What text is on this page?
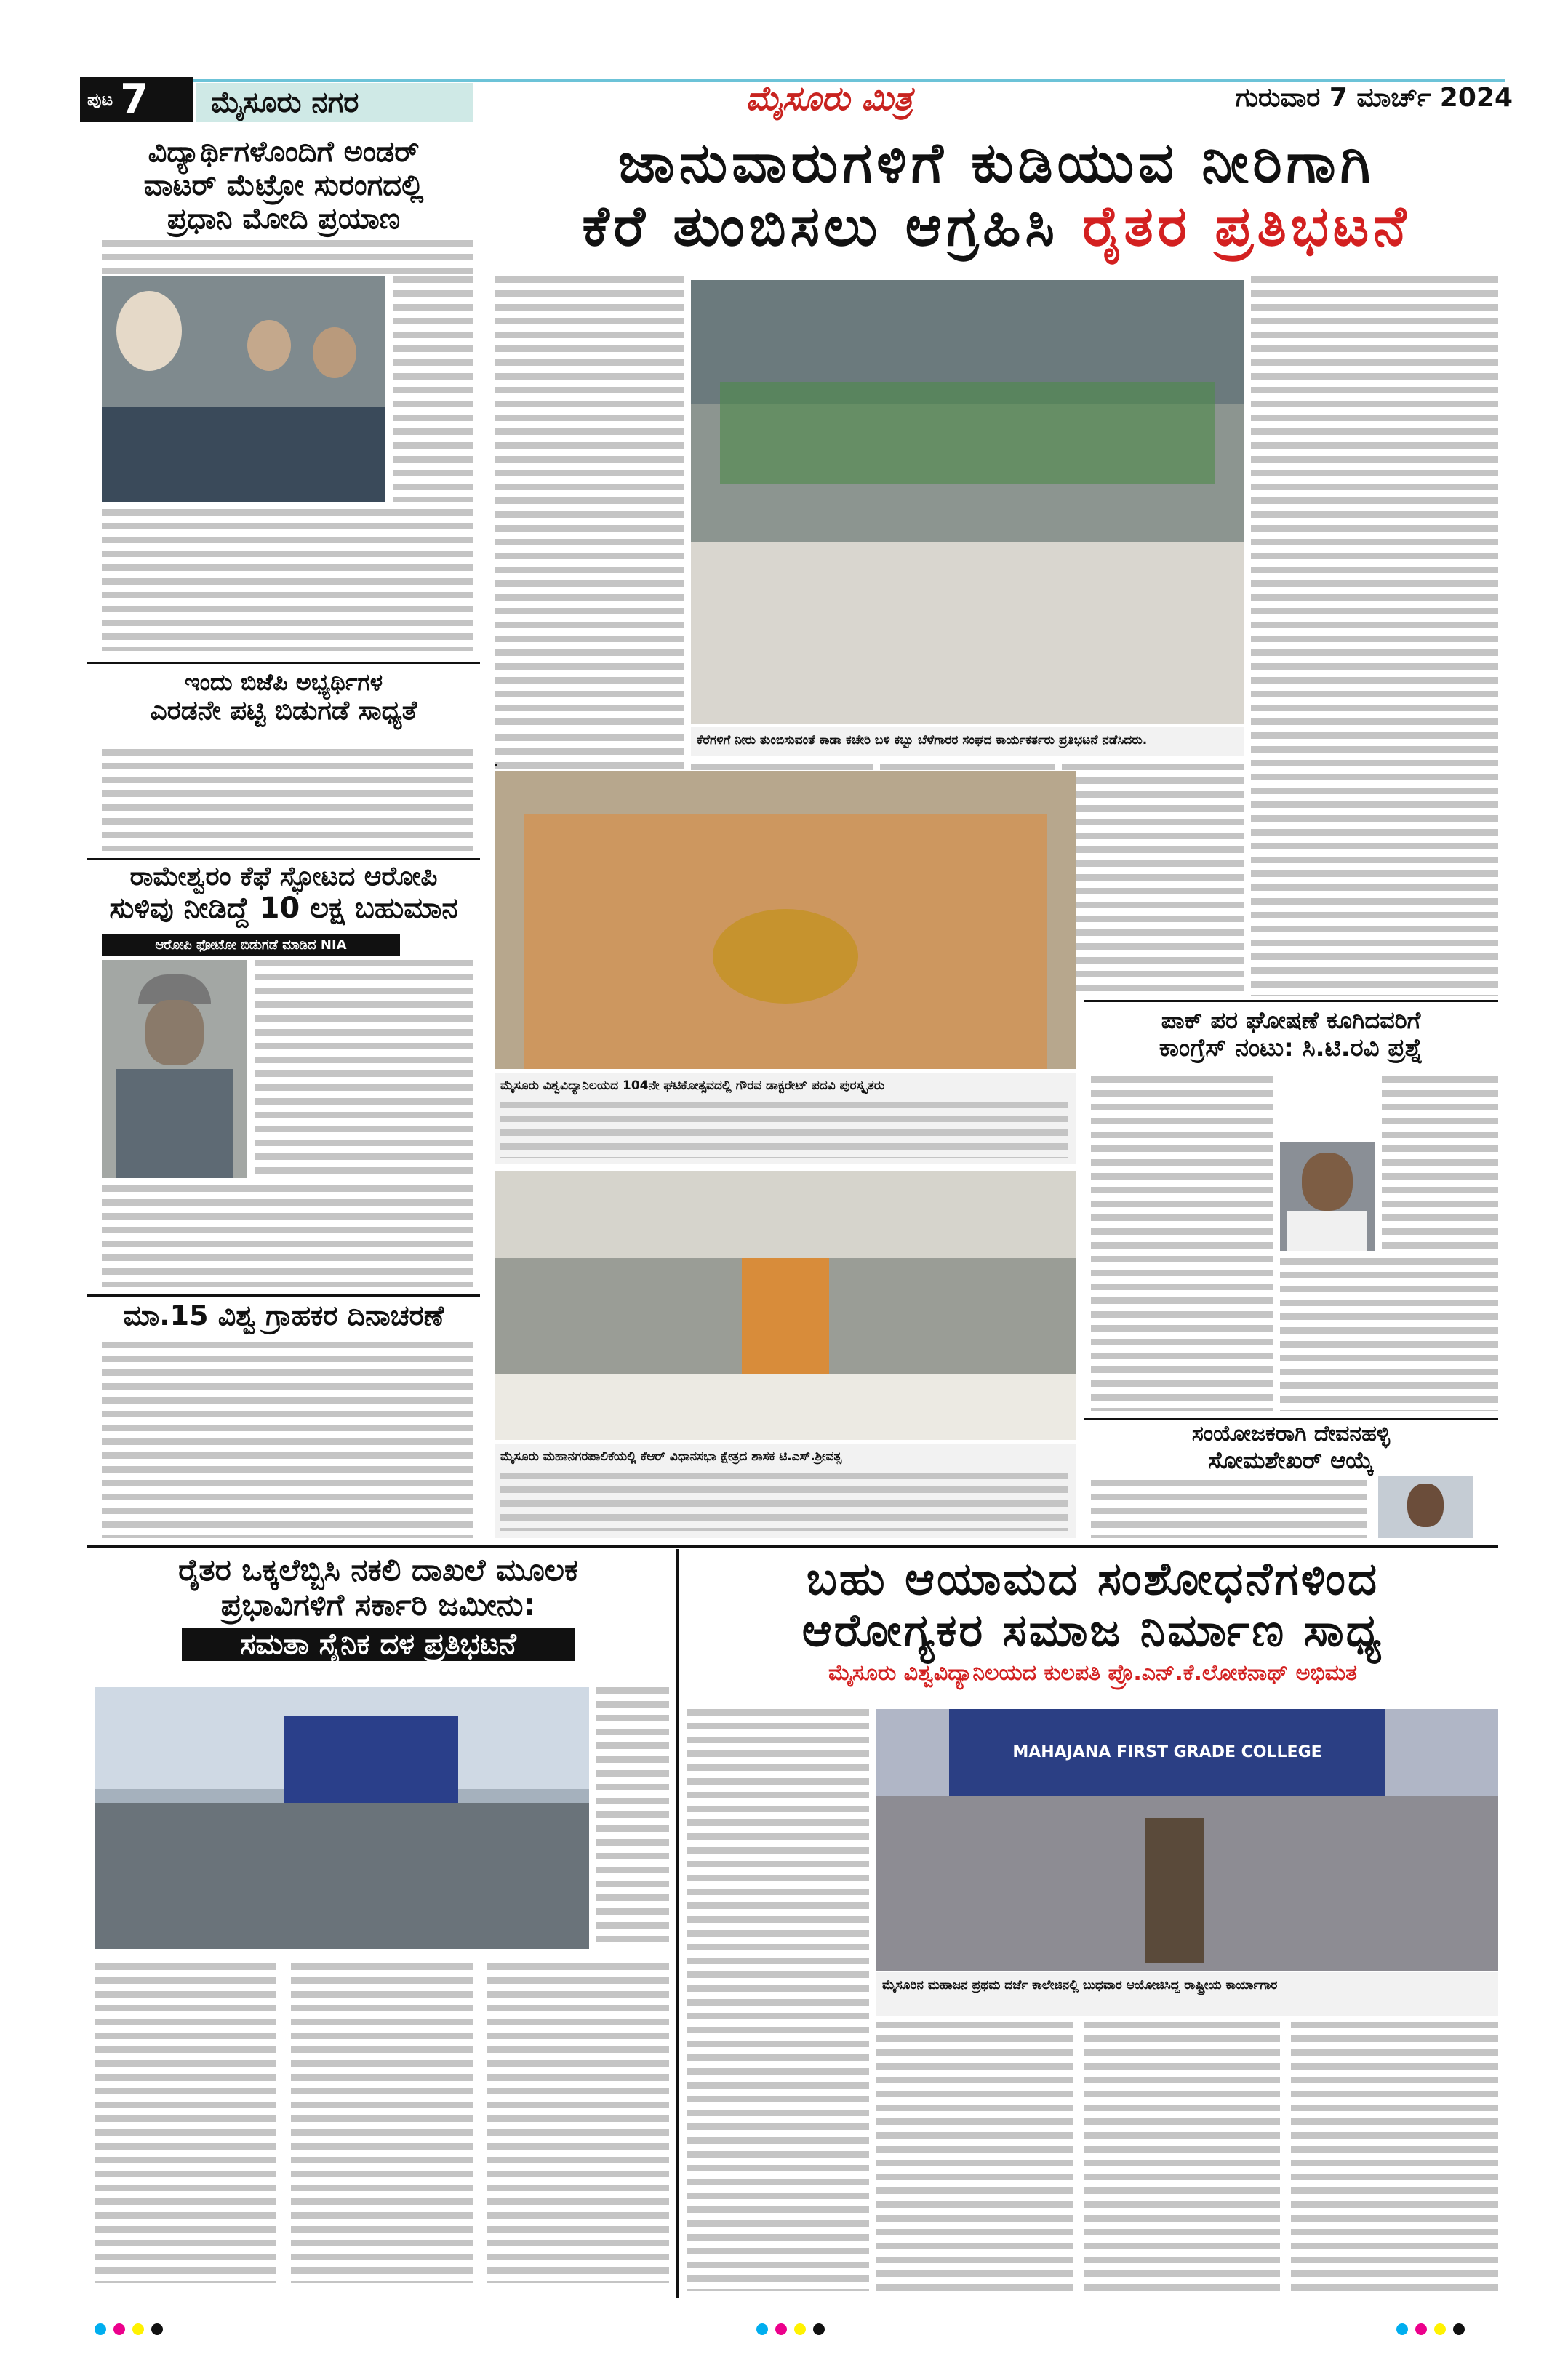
ಪುಟ 7	ಮೈಸೂರು ನಗರ	ಮೈಸೂರು ಮಿತ್ರ	ಗುರುವಾರ 7 ಮಾರ್ಚ್ 2024
ವಿದ್ಯಾರ್ಥಿಗಳೊಂದಿಗೆ ಅಂಡರ್
ವಾಟರ್ ಮೆಟ್ರೋ ಸುರಂಗದಲ್ಲಿ
ಪ್ರಧಾನಿ ಮೋದಿ ಪ್ರಯಾಣ
ಜಾನುವಾರುಗಳಿಗೆ ಕುಡಿಯುವ ನೀರಿಗಾಗಿ
ಕೆರೆ ತುಂಬಿಸಲು ಆಗ್ರಹಿಸಿ ರೈತರ ಪ್ರತಿಭಟನೆ
ಕೆರೆಗಳಿಗೆ ನೀರು ತುಂಬಿಸುವಂತೆ ಕಾಡಾ ಕಚೇರಿ ಬಳಿ ಕಬ್ಬು ಬೆಳೆಗಾರರ ಸಂಘದ ಕಾರ್ಯಕರ್ತರು ಪ್ರತಿಭಟನೆ ನಡೆಸಿದರು.
ಇಂದು ಬಿಜೆಪಿ ಅಭ್ಯರ್ಥಿಗಳ
ಎರಡನೇ ಪಟ್ಟಿ ಬಿಡುಗಡೆ ಸಾಧ್ಯತೆ
ರಾಮೇಶ್ವರಂ ಕೆಫೆ ಸ್ಫೋಟದ ಆರೋಪಿ
ಸುಳಿವು ನೀಡಿದ್ದೆ 10 ಲಕ್ಷ ಬಹುಮಾನ
ಆರೋಪಿ ಫೋಟೋ ಬಿಡುಗಡೆ ಮಾಡಿದ NIA
ಮಾ.15 ವಿಶ್ವ ಗ್ರಾಹಕರ ದಿನಾಚರಣೆ
ಮೈಸೂರು ವಿಶ್ವವಿದ್ಯಾನಿಲಯದ 104ನೇ ಘಟಿಕೋತ್ಸವದಲ್ಲಿ ಗೌರವ ಡಾಕ್ಟರೇಟ್ ಪದವಿ ಪುರಸ್ಕೃತರು
ಮೈಸೂರು ಮಹಾನಗರಪಾಲಿಕೆಯಲ್ಲಿ ಕೆಆರ್ ವಿಧಾನಸಭಾ ಕ್ಷೇತ್ರದ ಶಾಸಕ ಟಿ.ಎಸ್.ಶ್ರೀವತ್ಸ
ಪಾಕ್ ಪರ ಘೋಷಣೆ ಕೂಗಿದವರಿಗೆ
ಕಾಂಗ್ರೆಸ್ ನಂಟು: ಸಿ.ಟಿ.ರವಿ ಪ್ರಶ್ನೆ
ಸಂಯೋಜಕರಾಗಿ ದೇವನಹಳ್ಳಿ
ಸೋಮಶೇಖರ್ ಆಯ್ಕೆ
ರೈತರ ಒಕ್ಕಲೆಬ್ಬಿಸಿ ನಕಲಿ ದಾಖಲೆ ಮೂಲಕ
ಪ್ರಭಾವಿಗಳಿಗೆ ಸರ್ಕಾರಿ ಜಮೀನು:
ಸಮತಾ ಸೈನಿಕ ದಳ ಪ್ರತಿಭಟನೆ
ಬಹು ಆಯಾಮದ ಸಂಶೋಧನೆಗಳಿಂದ
ಆರೋಗ್ಯಕರ ಸಮಾಜ ನಿರ್ಮಾಣ ಸಾಧ್ಯ
ಮೈಸೂರು ವಿಶ್ವವಿದ್ಯಾನಿಲಯದ ಕುಲಪತಿ ಪ್ರೊ.ಎನ್.ಕೆ.ಲೋಕನಾಥ್ ಅಭಿಮತ
MAHAJANA FIRST GRADE COLLEGE
ಮೈಸೂರಿನ ಮಹಾಜನ ಪ್ರಥಮ ದರ್ಜೆ ಕಾಲೇಜಿನಲ್ಲಿ ಬುಧವಾರ ಆಯೋಜಿಸಿದ್ದ ರಾಷ್ಟ್ರೀಯ ಕಾರ್ಯಾಗಾರ
